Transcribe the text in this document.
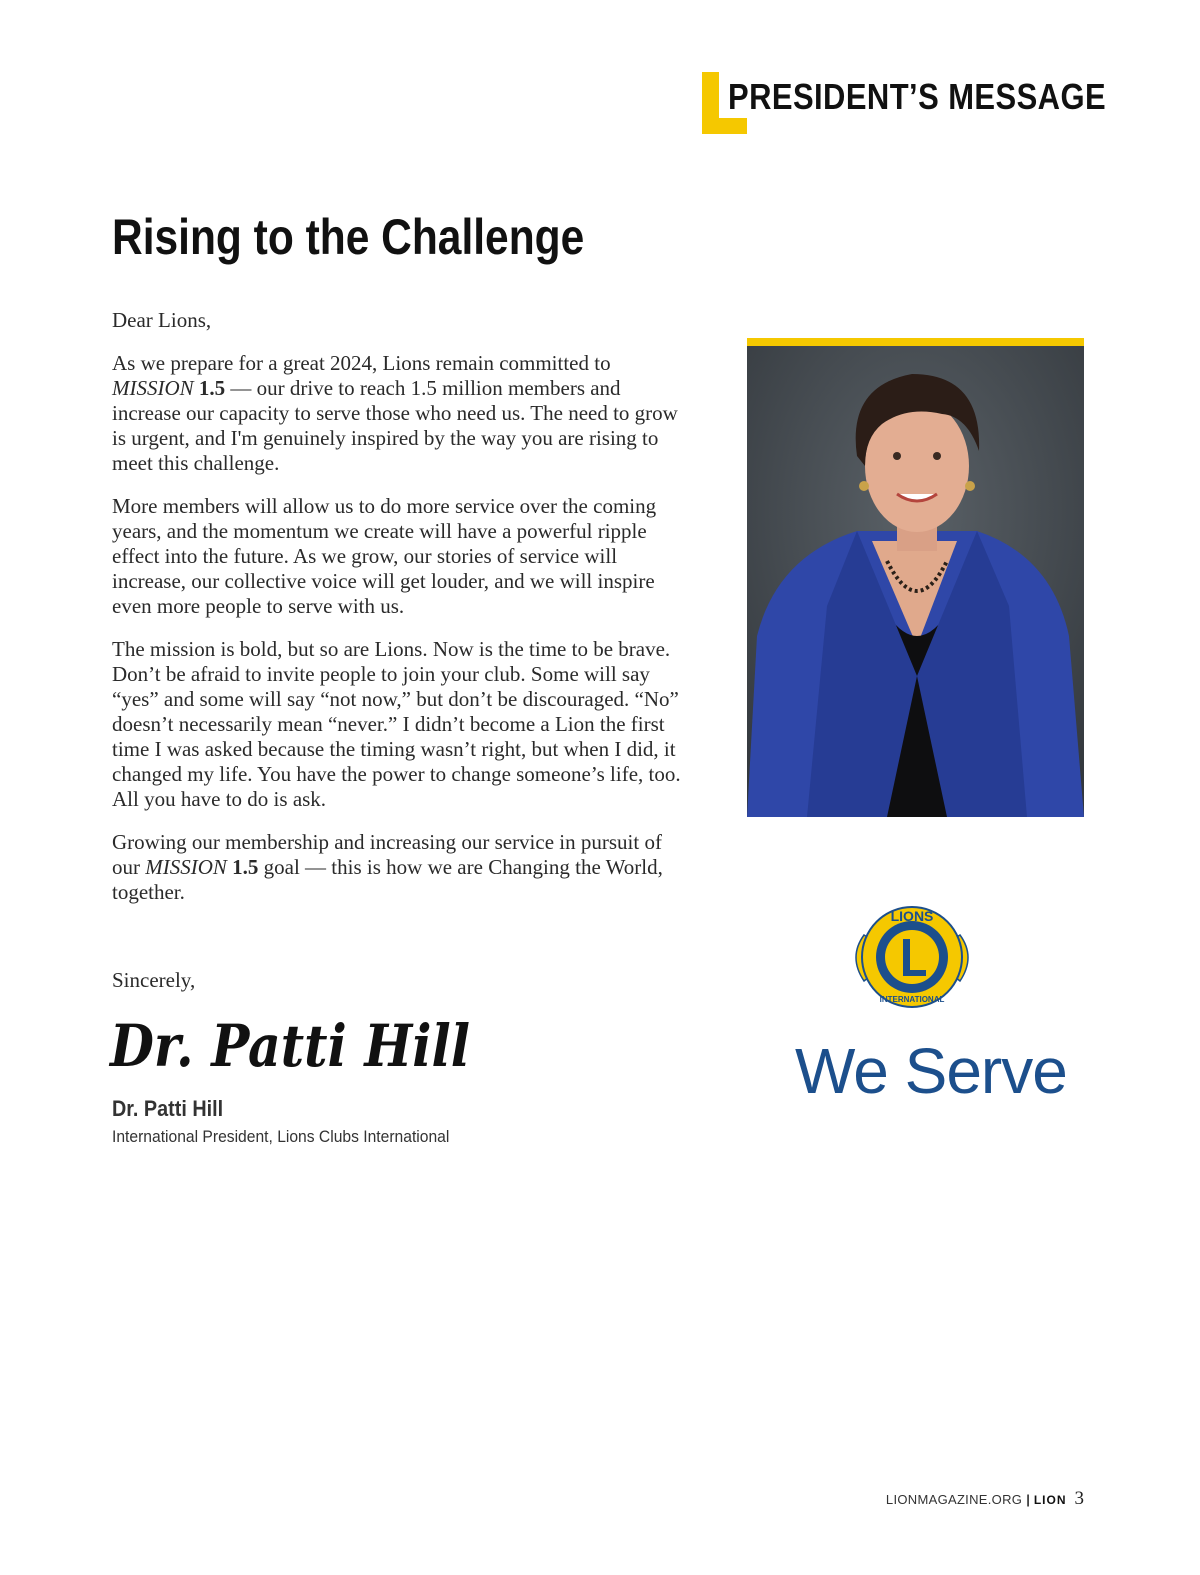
PRESIDENT’S MESSAGE
Rising to the Challenge

Dear Lions,

As we prepare for a great 2024, Lions remain committed to MISSION 1.5 — our drive to reach 1.5 million members and increase our capacity to serve those who need us. The need to grow is urgent, and I'm genuinely inspired by the way you are rising to meet this challenge.

More members will allow us to do more service over the coming years, and the momentum we create will have a powerful ripple effect into the future. As we grow, our stories of service will increase, our collective voice will get louder, and we will inspire even more people to serve with us.

The mission is bold, but so are Lions. Now is the time to be brave. Don’t be afraid to invite people to join your club. Some will say “yes” and some will say “not now,” but don’t be discouraged. “No” doesn’t necessarily mean “never.” I didn’t become a Lion the first time I was asked because the timing wasn’t right, but when I did, it changed my life. You have the power to change someone’s life, too. All you have to do is ask.

Growing our membership and increasing our service in pursuit of our MISSION 1.5 goal — this is how we are Changing the World, together.

Sincerely,
Dr. Patti Hill
Dr. Patti Hill
International President, Lions Clubs International
LIONS
INTERNATIONAL
We Serve
LIONMAGAZINE.ORG | LION 3
